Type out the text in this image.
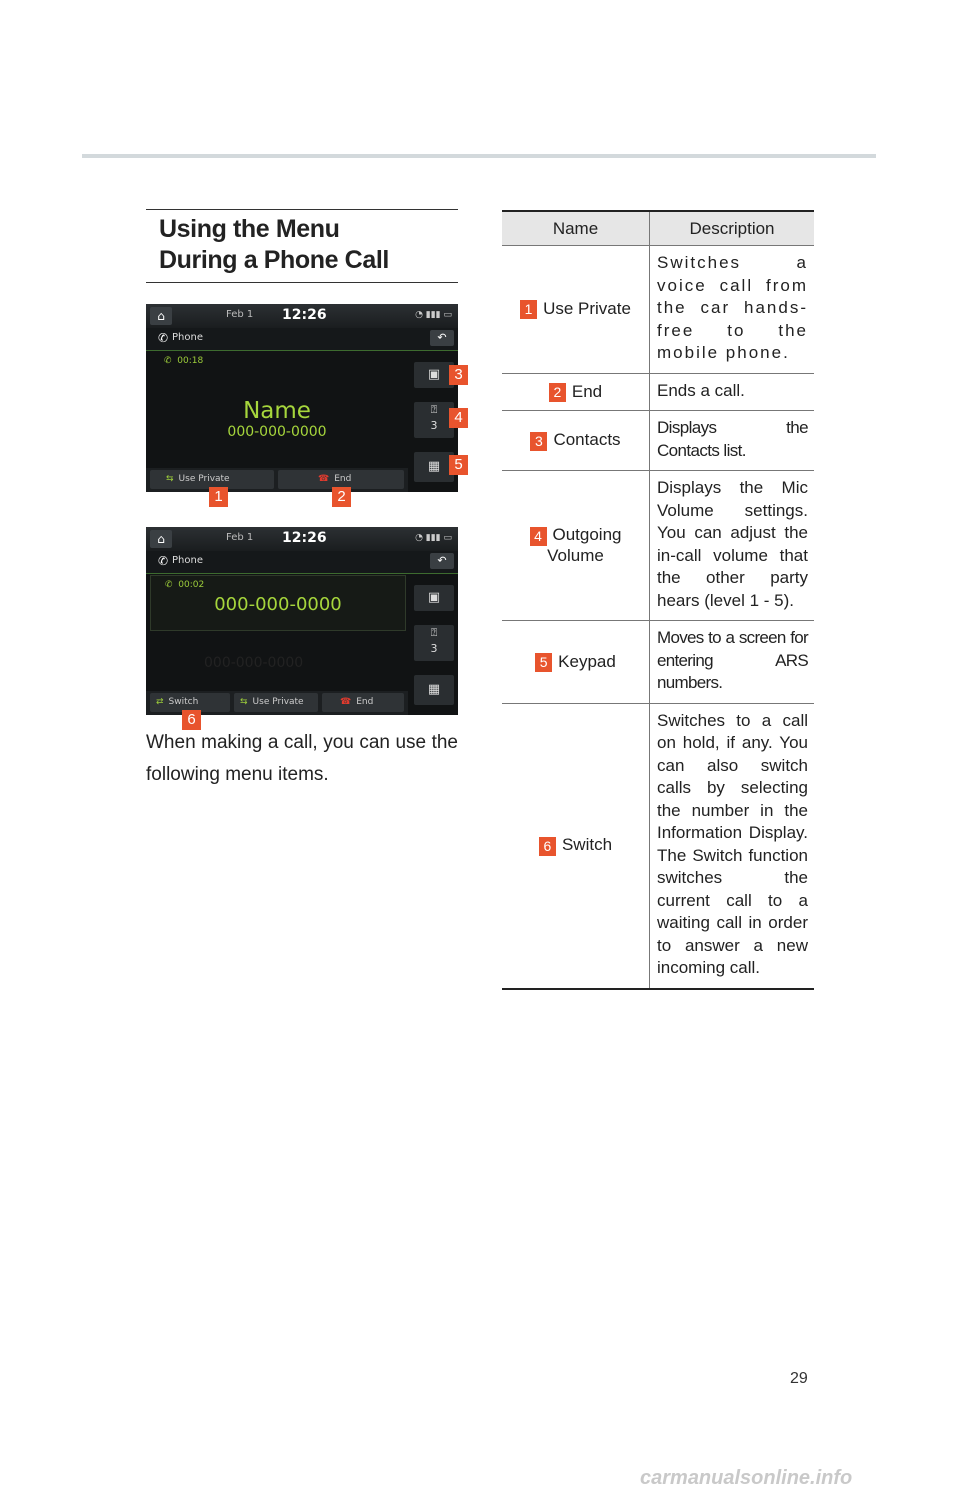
Using the Menu
During a Phone Call
⌂	Feb 1 12:26	◔ ▮▮▮ ▭
✆ Phone	↶
✆ 00:18
Name
000-000-0000
▣
⍰
3
▦
⇆ Use Private	☎ End
3
4
5
1	2
⌂	Feb 1 12:26	◔ ▮▮▮ ▭
✆ Phone	↶
✆ 00:02
000-000-0000
000-000-0000
▣
⍰
3
▦
⇄ Switch	⇆ Use Private	☎ End
6
When making a call, you can use the following menu items.
Name	Description
1 Use Private	Switches a voice call from the car hands-free to the mobile phone.
2 End	Ends a call.
3 Contacts	Displays the Contacts list.
4 Outgoing Volume	Displays the Mic Volume settings. You can adjust the in-call volume that the other party hears (level 1 - 5).
5 Keypad	Moves to a screen for entering ARS numbers.
6 Switch	Switches to a call on hold, if any. You can also switch calls by selecting the number in the Information Display. The Switch function switches the current call to a waiting call in order to answer a new incoming call.
29
carmanualsonline.info
